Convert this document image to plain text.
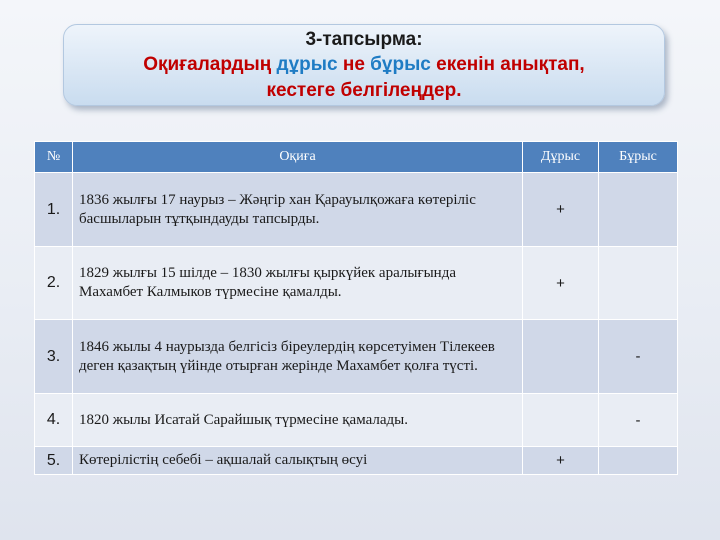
3-тапсырма:
Оқиғалардың дұрыс не бұрыс екенін анықтап,
кестеге белгілеңдер.
№	Оқиға	Дұрыс	Бұрыс
1.	1836 жылғы 17 наурыз – Жәңгір хан Қарауылқожаға көтеріліс басшыларын тұтқындауды тапсырды.	+	
2.	1829 жылғы 15 шілде – 1830 жылғы қыркүйек аралығында Махамбет Калмыков түрмесіне қамалды.	+	
3.	1846 жылы 4 наурызда белгісіз біреулердің көрсетуімен Тілекеев деген қазақтың үйінде отырған жерінде Махамбет қолға түсті.		-
4.	1820 жылы Исатай Сарайшық түрмесіне қамалады.		-
5.	Көтерілістің себебі – ақшалай салықтың өсуі	+	
